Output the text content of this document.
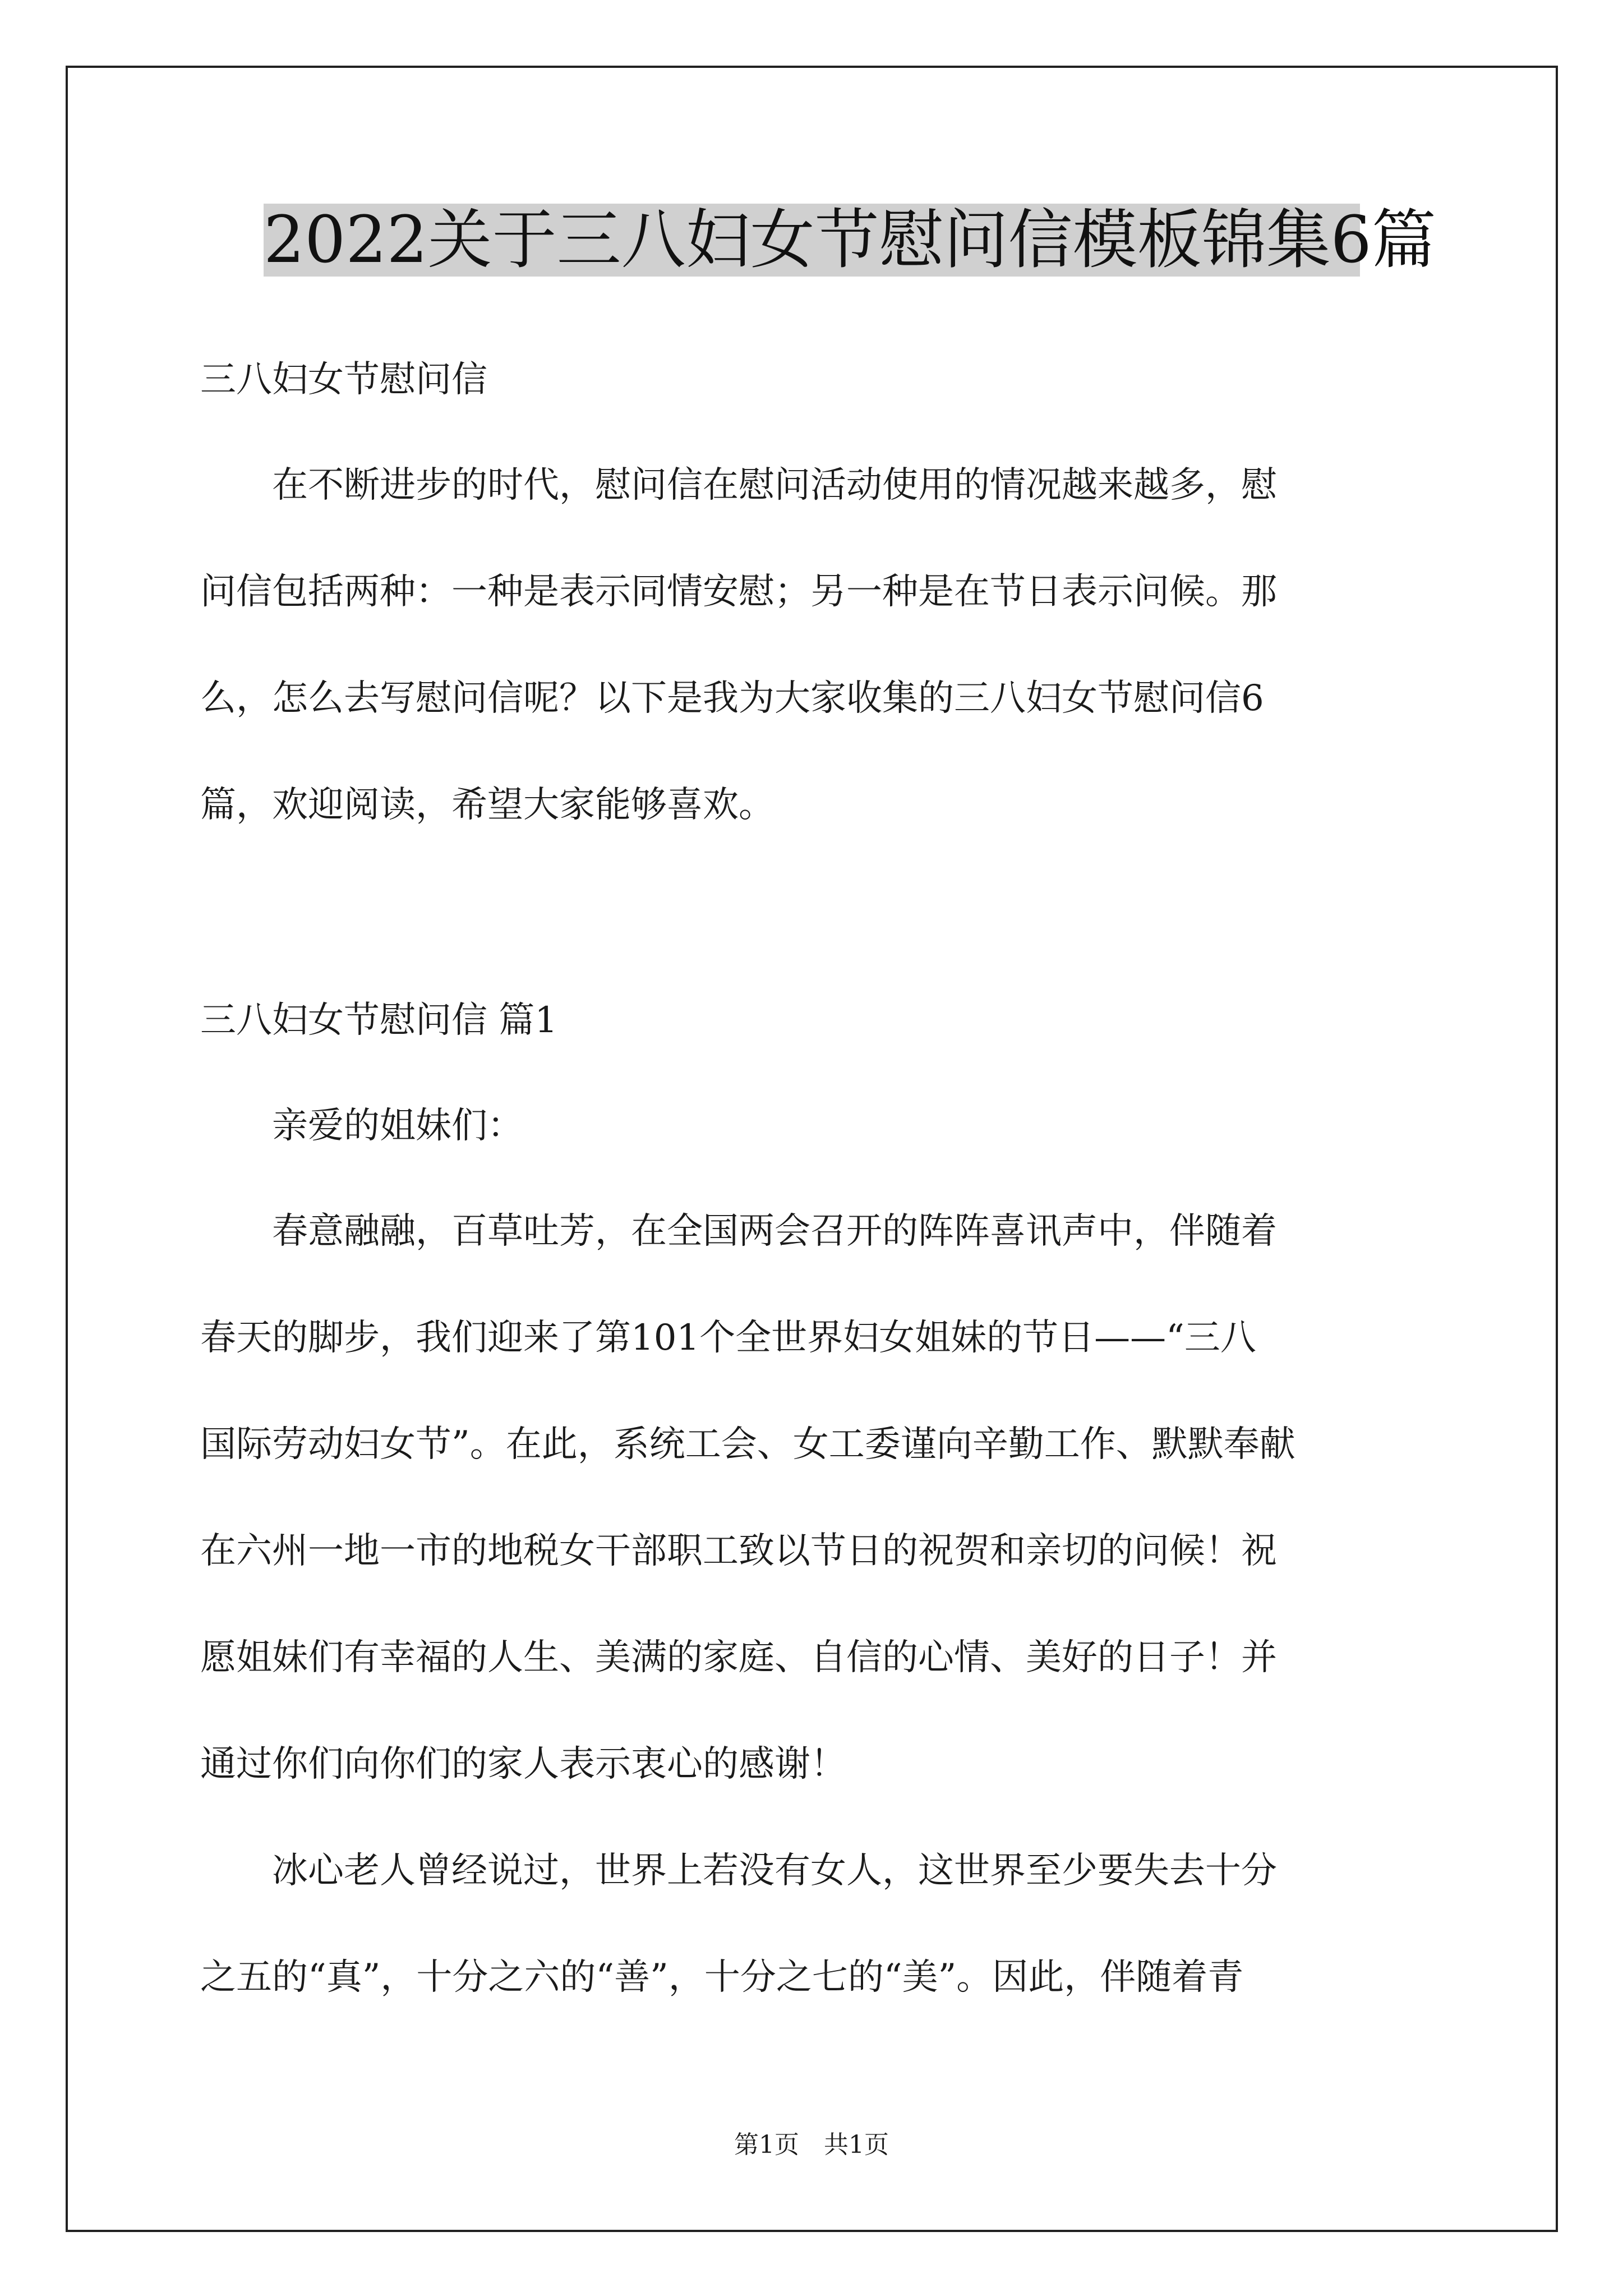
2022关于三八妇女节慰问信模板锦集6篇
三八妇女节慰问信
　　在不断进步的时代，慰问信在慰问活动使用的情况越来越多，慰
问信包括两种：一种是表示同情安慰；另一种是在节日表示问候。那
么，怎么去写慰问信呢？以下是我为大家收集的三八妇女节慰问信6
篇，欢迎阅读，希望大家能够喜欢。
三八妇女节慰问信 篇1
　　亲爱的姐妹们：
　　春意融融，百草吐芳，在全国两会召开的阵阵喜讯声中，伴随着
春天的脚步，我们迎来了第101个全世界妇女姐妹的节日——“三八
国际劳动妇女节”。在此，系统工会、女工委谨向辛勤工作、默默奉献
在六州一地一市的地税女干部职工致以节日的祝贺和亲切的问候！祝
愿姐妹们有幸福的人生、美满的家庭、自信的心情、美好的日子！并
通过你们向你们的家人表示衷心的感谢！
　　冰心老人曾经说过，世界上若没有女人，这世界至少要失去十分
之五的“真”，十分之六的“善”，十分之七的“美”。因此，伴随着青
第1页　共1页
